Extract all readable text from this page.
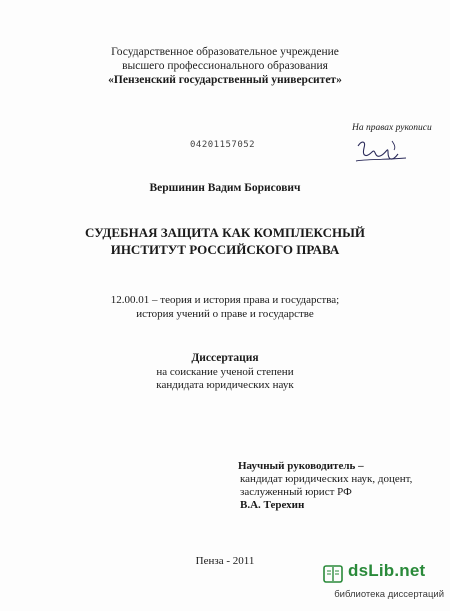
Государственное образовательное учреждение
высшего профессионального образования
«Пензенский государственный университет»
На правах рукописи
04201157052
Вершинин Вадим Борисович
СУДЕБНАЯ ЗАЩИТА КАК КОМПЛЕКСНЫЙ
ИНСТИТУТ РОССИЙСКОГО ПРАВА
12.00.01 – теория и история права и государства;
история учений о праве и государстве
Диссертация
на соискание ученой степени
кандидата юридических наук
Научный руководитель –
кандидат юридических наук, доцент,
заслуженный юрист РФ
В.А. Терехин
Пенза - 2011	dsLib.net
библиотека диссертаций
